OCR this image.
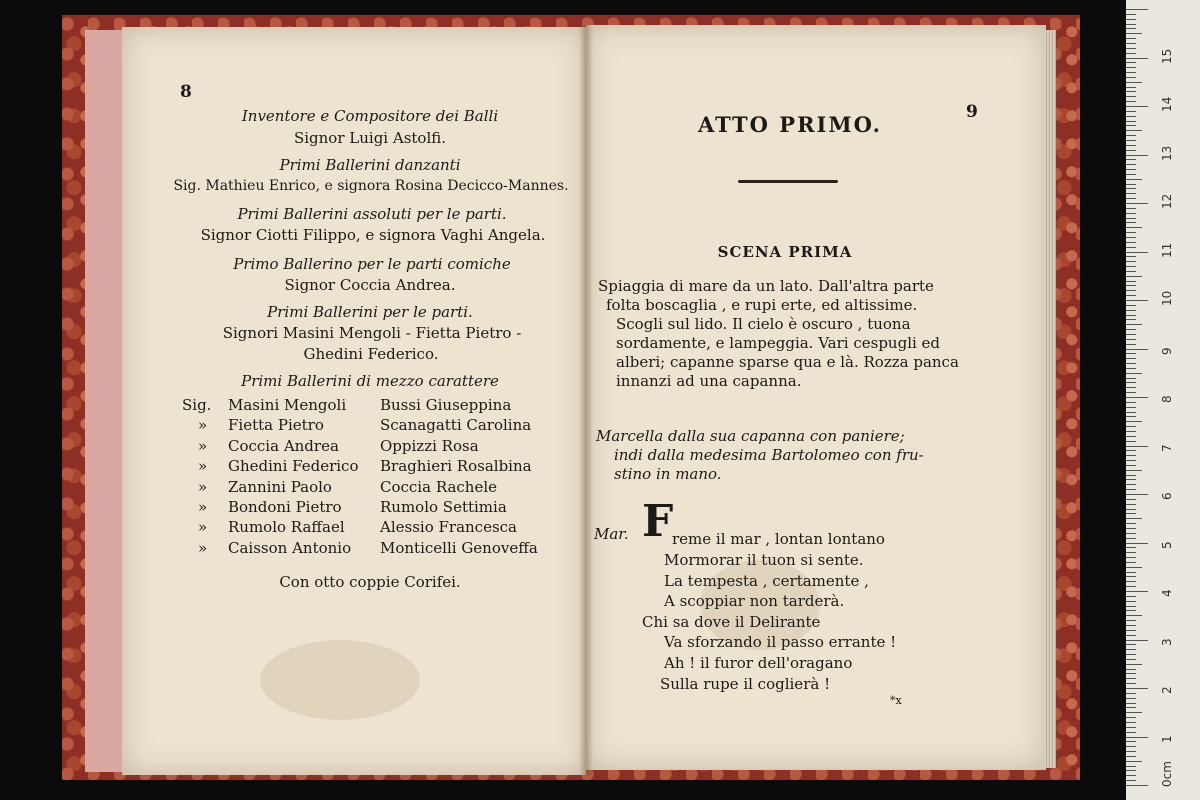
8
Inventore e Compositore dei Balli
Signor Luigi Astolfi.
Primi Ballerini danzanti
Sig. Mathieu Enrico, e signora Rosina Decicco-Mannes.
Primi Ballerini assoluti per le parti.
Signor Ciotti Filippo, e signora Vaghi Angela.
Primo Ballerino per le parti comiche
Signor Coccia Andrea.
Primi Ballerini per le parti.
Signori Masini Mengoli - Fietta Pietro -
Ghedini Federico.
Primi Ballerini di mezzo carattere
Sig.
»
»
»
»
»
»
»
Masini Mengoli
Fietta Pietro
Coccia Andrea
Ghedini Federico
Zannini Paolo
Bondoni Pietro
Rumolo Raffael
Caisson Antonio
Bussi Giuseppina
Scanagatti Carolina
Oppizzi Rosa
Braghieri Rosalbina
Coccia Rachele
Rumolo Settimia
Alessio Francesca
Monticelli Genoveffa
Con otto coppie Corifei.
9
ATTO PRIMO.
SCENA PRIMA
Spiaggia di mare da un lato. Dall'altra parte
folta boscaglia , e rupi erte, ed altissime.
Scogli sul lido. Il cielo è oscuro , tuona
sordamente, e lampeggia. Vari cespugli ed
alberi; capanne sparse qua e là. Rozza panca
innanzi ad una capanna.
Marcella dalla sua capanna con paniere;
indi dalla medesima Bartolomeo con fru-
stino in mano.
Mar. F
reme il mar , lontan lontano
Mormorar il tuon si sente.
La tempesta , certamente ,
A scoppiar non tarderà.
Chi sa dove il Delirante
Va sforzando il passo errante !
Ah ! il furor dell'oragano
Sulla rupe il coglierà !
*x
0cm
1
2
3
4
5
6
7
8
9
10
11
12
13
14
15
